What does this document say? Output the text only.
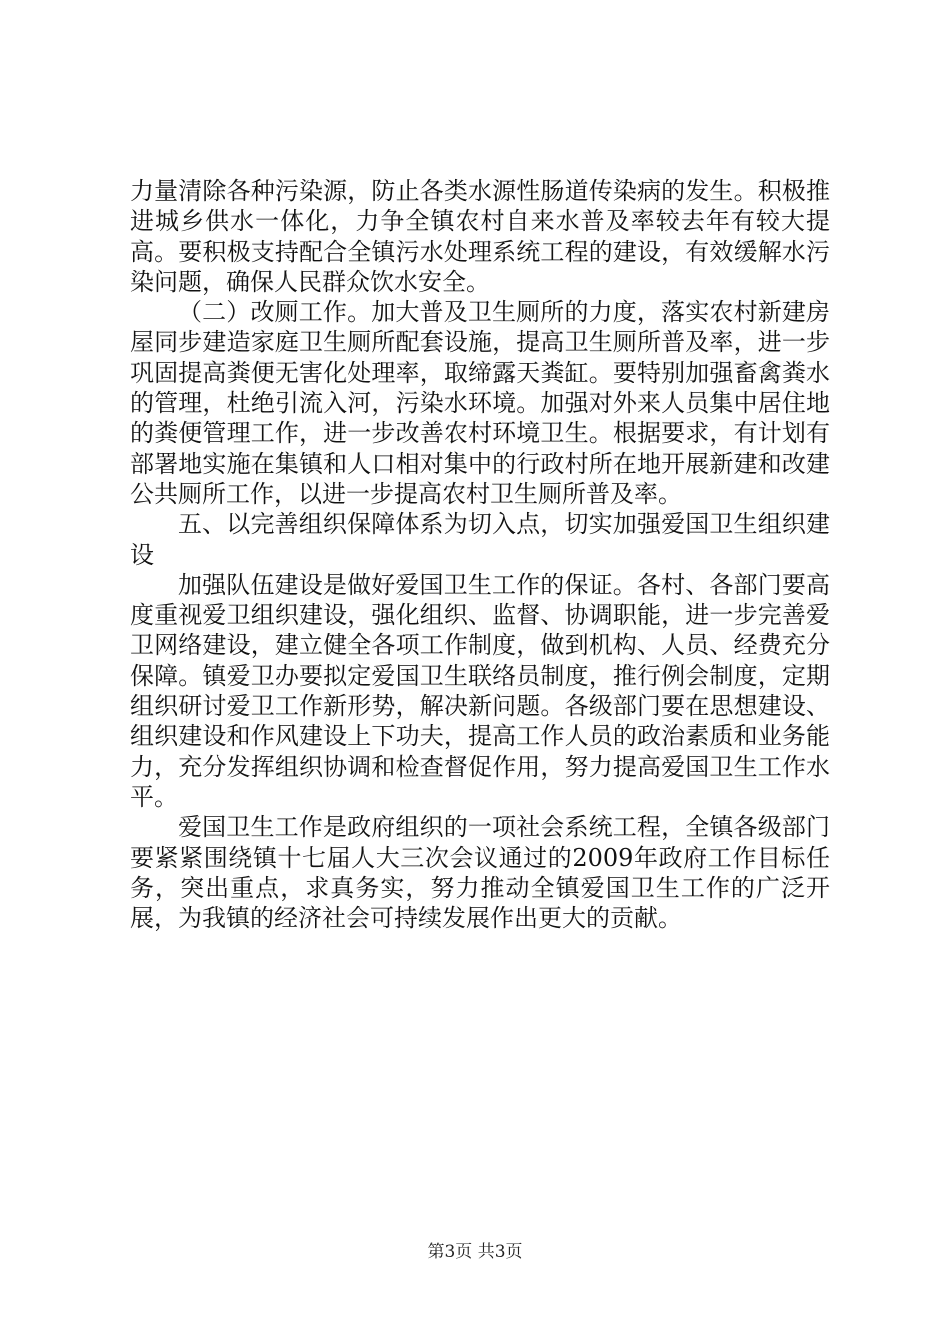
力量清除各种污染源，防止各类水源性肠道传染病的发生。积极推进城乡供水一体化，力争全镇农村自来水普及率较去年有较大提高。要积极支持配合全镇污水处理系统工程的建设，有效缓解水污染问题，确保人民群众饮水安全。

（二）改厕工作。加大普及卫生厕所的力度，落实农村新建房屋同步建造家庭卫生厕所配套设施，提高卫生厕所普及率，进一步巩固提高粪便无害化处理率，取缔露天粪缸。要特别加强畜禽粪水的管理，杜绝引流入河，污染水环境。加强对外来人员集中居住地的粪便管理工作，进一步改善农村环境卫生。根据要求，有计划有部署地实施在集镇和人口相对集中的行政村所在地开展新建和改建公共厕所工作，以进一步提高农村卫生厕所普及率。

五、以完善组织保障体系为切入点，切实加强爱国卫生组织建设

加强队伍建设是做好爱国卫生工作的保证。各村、各部门要高度重视爱卫组织建设，强化组织、监督、协调职能，进一步完善爱卫网络建设，建立健全各项工作制度，做到机构、人员、经费充分保障。镇爱卫办要拟定爱国卫生联络员制度，推行例会制度，定期组织研讨爱卫工作新形势，解决新问题。各级部门要在思想建设、组织建设和作风建设上下功夫，提高工作人员的政治素质和业务能力，充分发挥组织协调和检查督促作用，努力提高爱国卫生工作水平。

爱国卫生工作是政府组织的一项社会系统工程，全镇各级部门要紧紧围绕镇十七届人大三次会议通过的2009年政府工作目标任务，突出重点，求真务实，努力推动全镇爱国卫生工作的广泛开展，为我镇的经济社会可持续发展作出更大的贡献。

第3页 共3页
